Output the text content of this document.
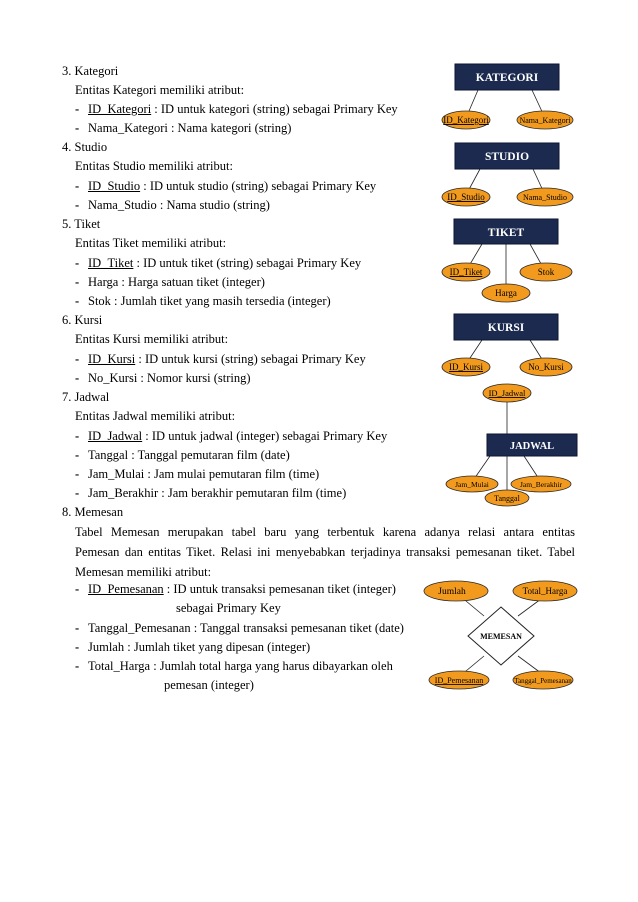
3. Kategori
Entitas Kategori memiliki atribut:
- ID_Kategori : ID untuk kategori (string) sebagai Primary Key
- Nama_Kategori : Nama kategori (string)
4. Studio
Entitas Studio memiliki atribut:
- ID_Studio : ID untuk studio (string) sebagai Primary Key
- Nama_Studio : Nama studio (string)
5. Tiket
Entitas Tiket memiliki atribut:
- ID_Tiket : ID untuk tiket (string) sebagai Primary Key
- Harga : Harga satuan tiket (integer)
- Stok : Jumlah tiket yang masih tersedia (integer)
6. Kursi
Entitas Kursi memiliki atribut:
- ID_Kursi : ID untuk kursi (string) sebagai Primary Key
- No_Kursi : Nomor kursi (string)
7. Jadwal
Entitas Jadwal memiliki atribut:
- ID_Jadwal : ID untuk jadwal (integer) sebagai Primary Key
- Tanggal : Tanggal pemutaran film (date)
- Jam_Mulai : Jam mulai pemutaran film (time)
- Jam_Berakhir : Jam berakhir pemutaran film (time)
8. Memesan
Tabel Memesan merupakan tabel baru yang terbentuk karena adanya relasi antara entitas
Pemesan dan entitas Tiket. Relasi ini menyebabkan terjadinya transaksi pemesanan tiket. Tabel
Memesan memiliki atribut:
- ID_Pemesanan : ID untuk transaksi pemesanan tiket (integer)
sebagai Primary Key
- Tanggal_Pemesanan : Tanggal transaksi pemesanan tiket (date)
- Jumlah : Jumlah tiket yang dipesan (integer)
- Total_Harga : Jumlah total harga yang harus dibayarkan oleh
pemesan (integer)
KATEGORI
ID_Kategori	Nama_Kategori
STUDIO
ID_Studio	Nama_Studio
TIKET
ID_Tiket	Stok
Harga
KURSI
ID_Kursi	No_Kursi
ID_Jadwal
JADWAL
Jam_Mulai	Jam_Berakhir
Tanggal
MEMESAN
Jumlah	Total_Harga
ID_Pemesanan	Tanggal_Pemesanan
